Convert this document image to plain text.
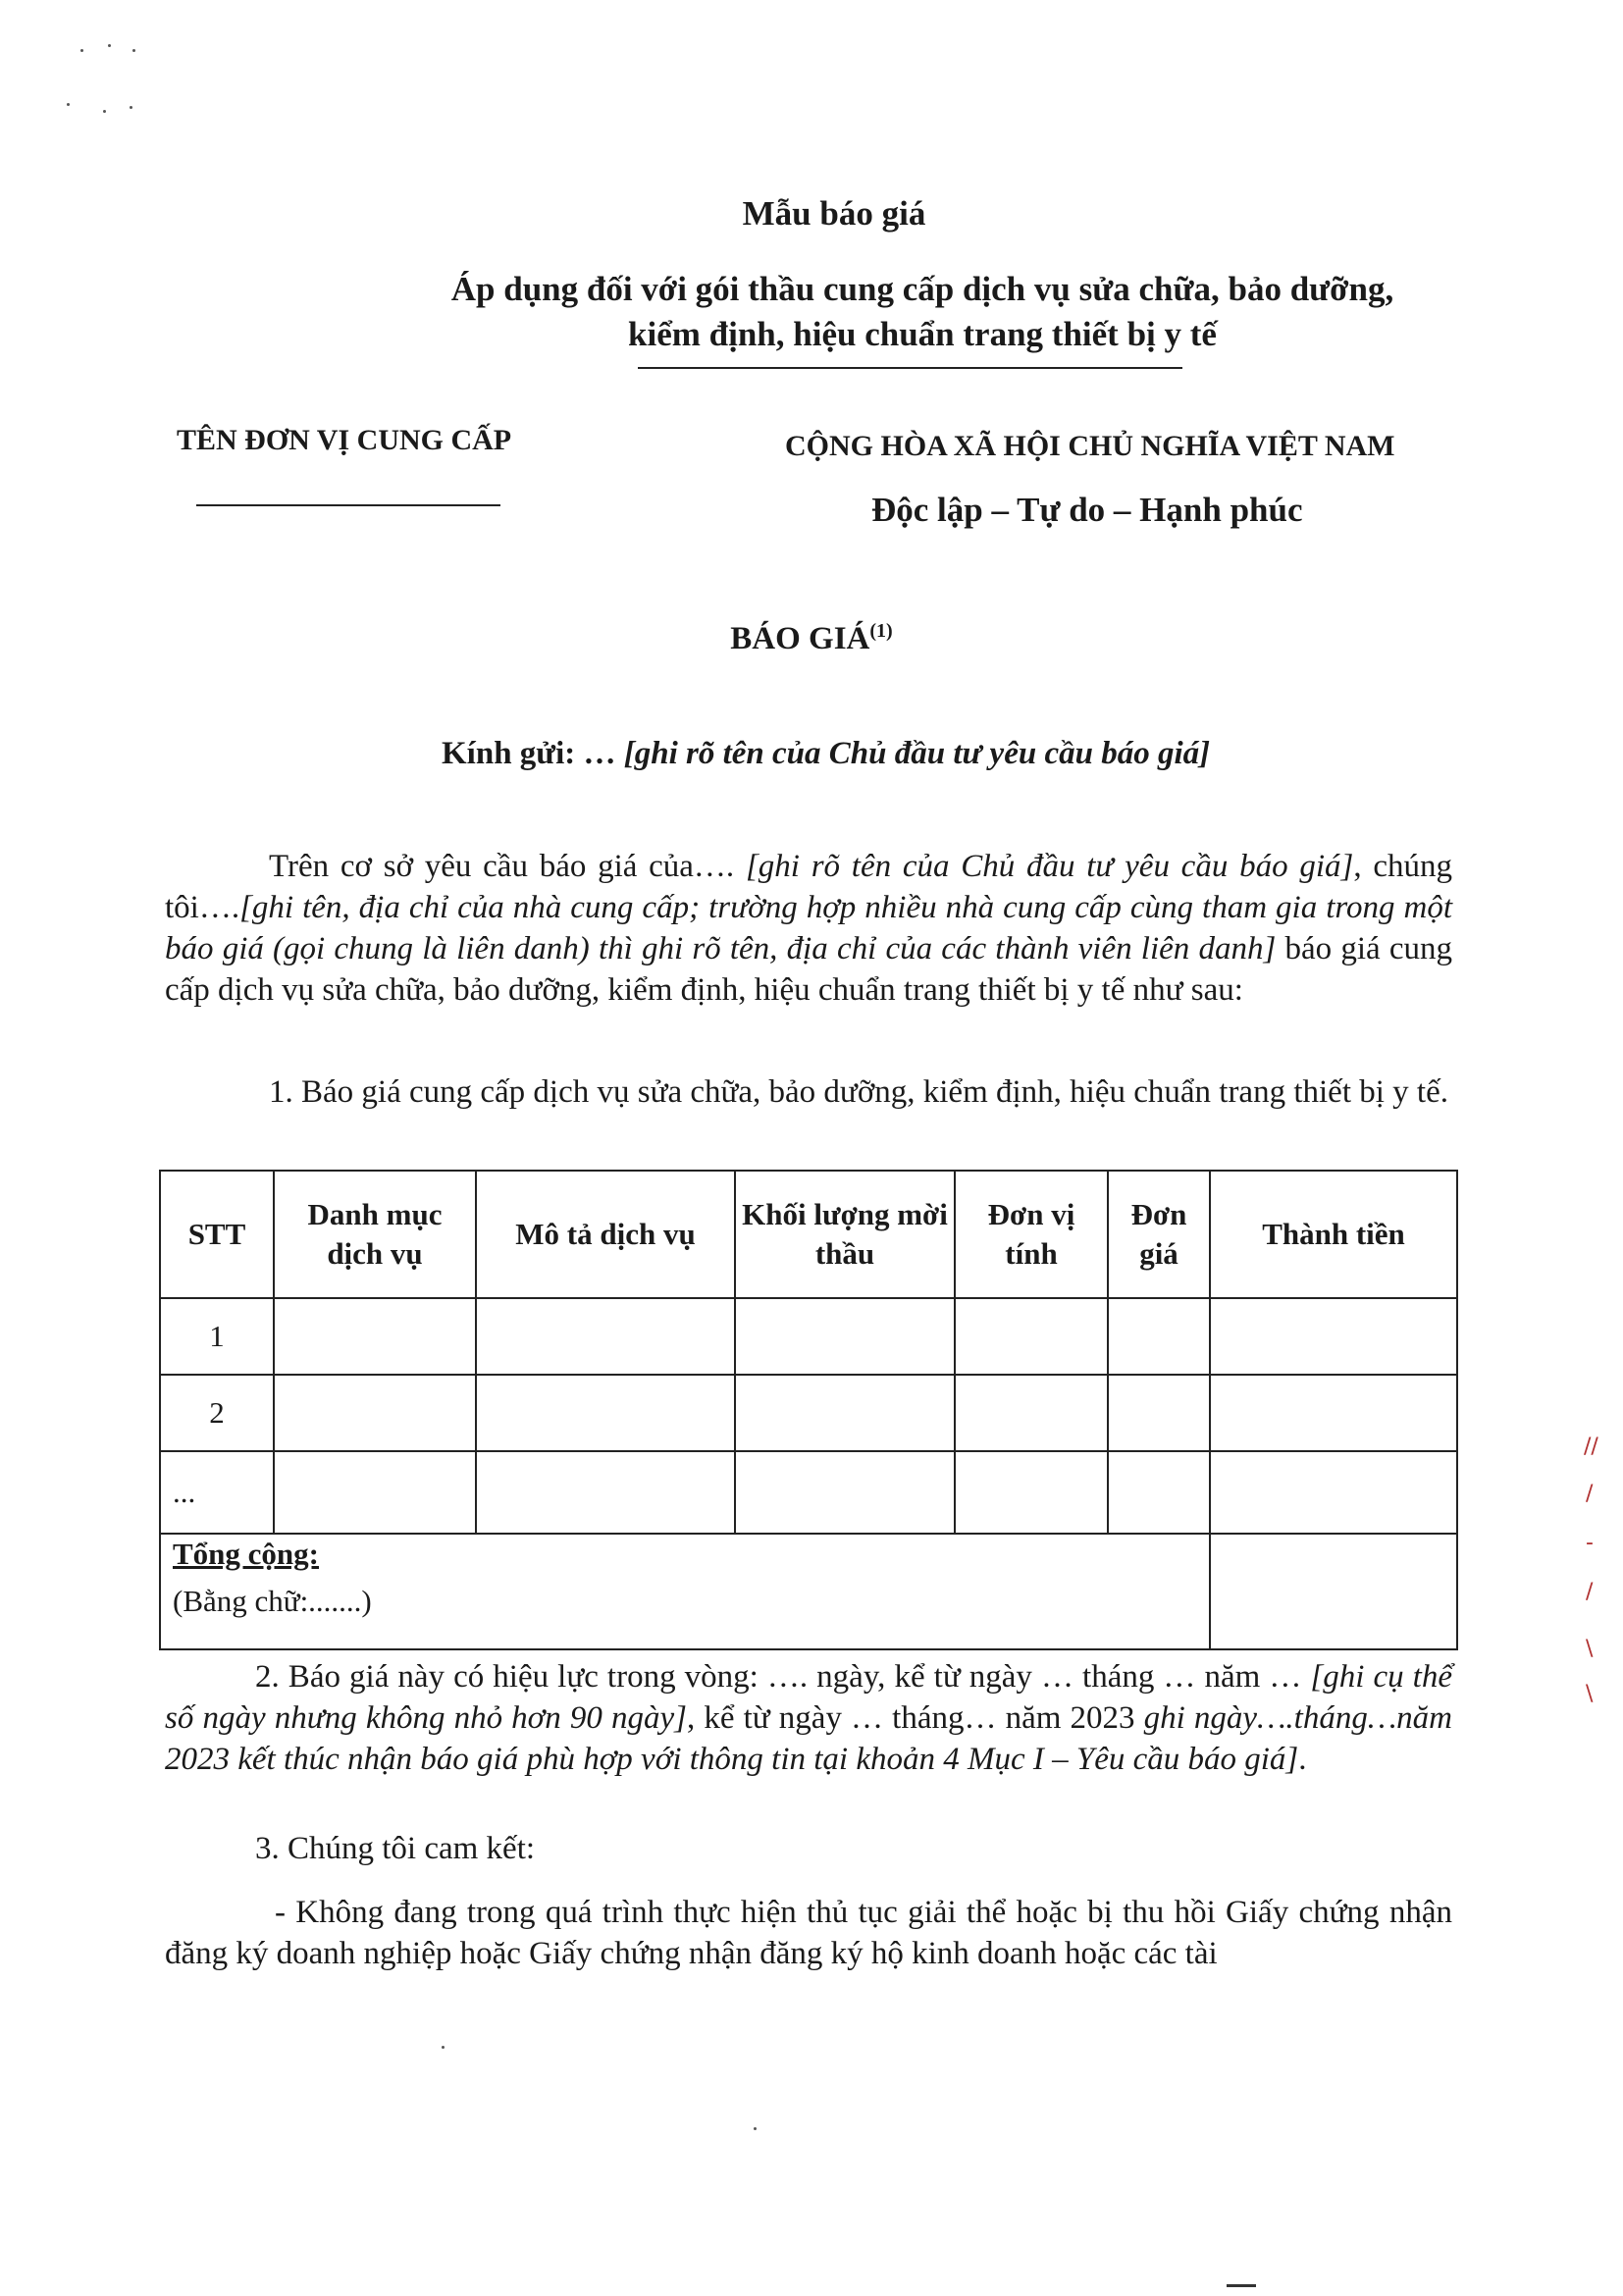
Mẫu báo giá
Áp dụng đối với gói thầu cung cấp dịch vụ sửa chữa, bảo dưỡng,
kiểm định, hiệu chuẩn trang thiết bị y tế
TÊN ĐƠN VỊ CUNG CẤP	CỘNG HÒA XÃ HỘI CHỦ NGHĨA VIỆT NAM
Độc lập – Tự do – Hạnh phúc
BÁO GIÁ$^{(1)}$
Kính gửi: … [ghi rõ tên của Chủ đầu tư yêu cầu báo giá]
Trên cơ sở yêu cầu báo giá của…. [ghi rõ tên của Chủ đầu tư yêu cầu báo giá], chúng tôi….[ghi tên, địa chỉ của nhà cung cấp; trường hợp nhiều nhà cung cấp cùng tham gia trong một báo giá (gọi chung là liên danh) thì ghi rõ tên, địa chỉ của các thành viên liên danh] báo giá cung cấp dịch vụ sửa chữa, bảo dưỡng, kiểm định, hiệu chuẩn trang thiết bị y tế như sau:
1. Báo giá cung cấp dịch vụ sửa chữa, bảo dưỡng, kiểm định, hiệu chuẩn trang thiết bị y tế.
STT	Danh mục dịch vụ	Mô tả dịch vụ	Khối lượng mời thầu	Đơn vị tính	Đơn giá	Thành tiền
1						
2						
...						

Tổng cộng:
(Bằng chữ:.......)						

2. Báo giá này có hiệu lực trong vòng: …. ngày, kể từ ngày … tháng … năm … [ghi cụ thể số ngày nhưng không nhỏ hơn 90 ngày], kể từ ngày … tháng… năm 2023 ghi ngày….tháng…năm 2023 kết thúc nhận báo giá phù hợp với thông tin tại khoản 4 Mục I – Yêu cầu báo giá].
3. Chúng tôi cam kết:
- Không đang trong quá trình thực hiện thủ tục giải thể hoặc bị thu hồi Giấy chứng nhận đăng ký doanh nghiệp hoặc Giấy chứng nhận đăng ký hộ kinh doanh hoặc các tài
//
/
-
/
\
\
